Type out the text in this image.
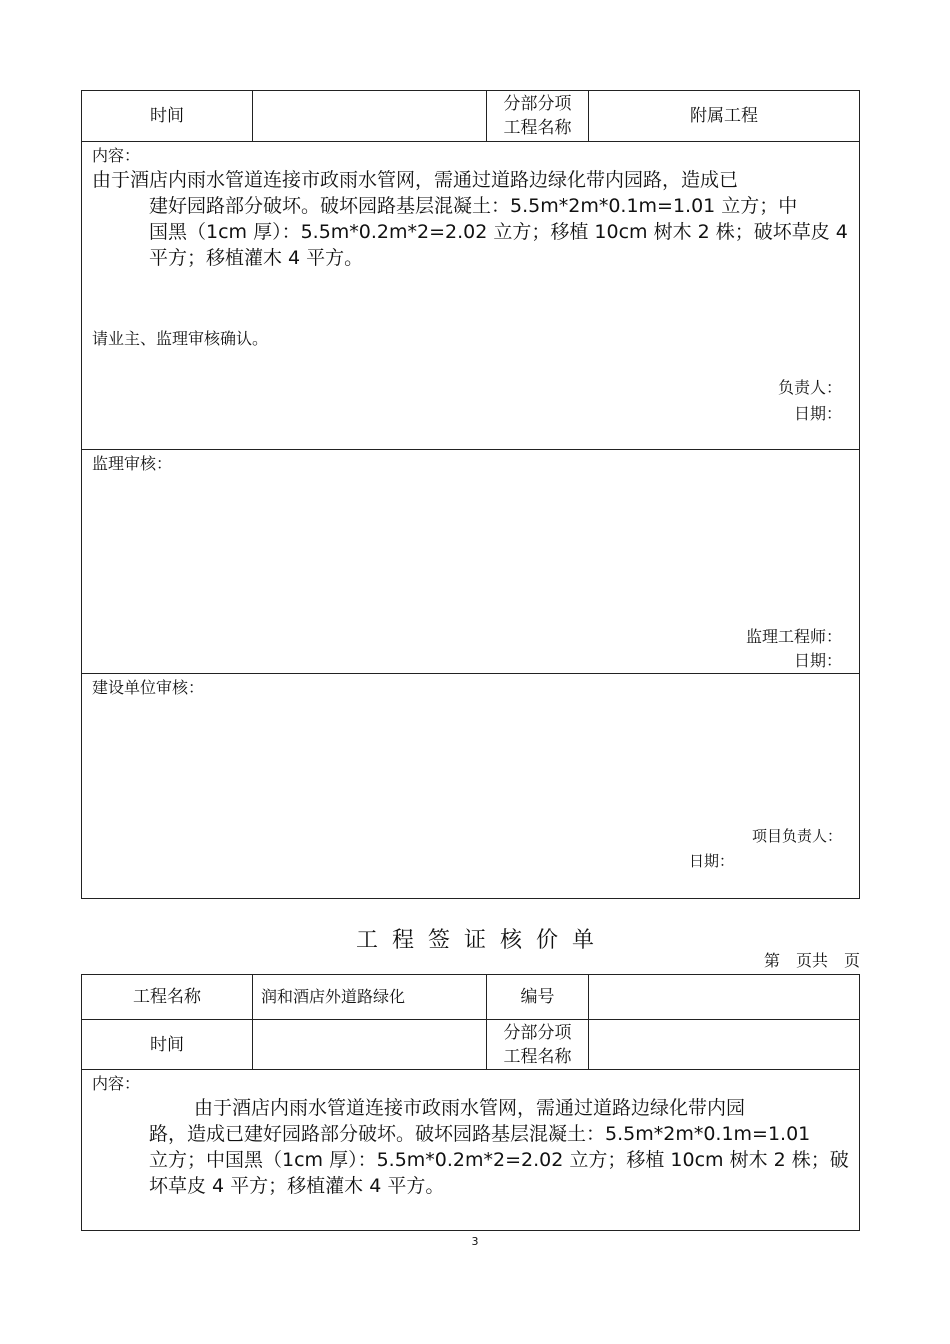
时间
分部分项
工程名称
附属工程
内容：
由于酒店内雨水管道连接市政雨水管网，需通过道路边绿化带内园路，造成已
建好园路部分破坏。破坏园路基层混凝土：5.5m*2m*0.1m=1.01 立方；中
国黑（1cm 厚）：5.5m*0.2m*2=2.02 立方；移植 10cm 树木 2 株；破坏草皮 4
平方；移植灌木 4 平方。
请业主、监理审核确认。
负责人：
日期：
监理审核：
监理工程师：
日期：
建设单位审核：
项目负责人：
日期：
工程签证核价单
第　页共　页
工程名称	润和酒店外道路绿化	编号
时间
分部分项
工程名称
内容：
由于酒店内雨水管道连接市政雨水管网，需通过道路边绿化带内园
路，造成已建好园路部分破坏。破坏园路基层混凝土：5.5m*2m*0.1m=1.01
立方；中国黑（1cm 厚）：5.5m*0.2m*2=2.02 立方；移植 10cm 树木 2 株；破
坏草皮 4 平方；移植灌木 4 平方。
3
